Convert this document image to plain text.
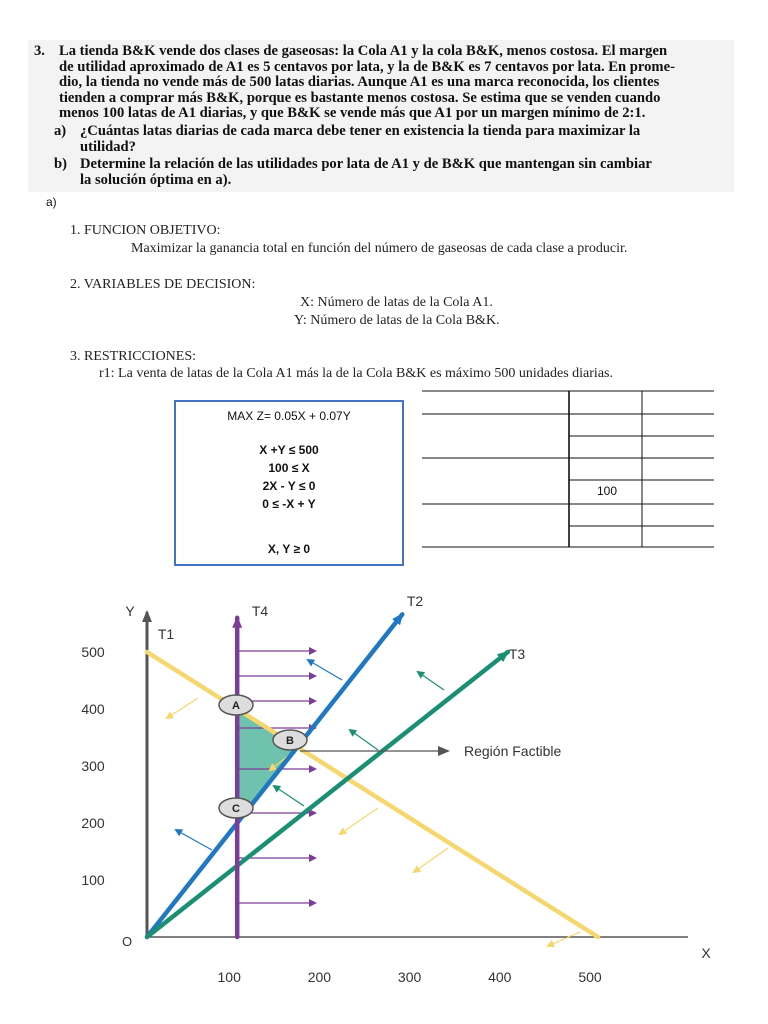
3. La tienda B&K vende dos clases de gaseosas: la Cola A1 y la cola B&K, menos costosa. El margen
de utilidad aproximado de A1 es 5 centavos por lata, y la de B&K es 7 centavos por lata. En prome-
dio, la tienda no vende más de 500 latas diarias. Aunque A1 es una marca reconocida, los clientes
tienden a comprar más B&K, porque es bastante menos costosa. Se estima que se venden cuando
menos 100 latas de A1 diarias, y que B&K se vende más que A1 por un margen mínimo de 2:1.
a) ¿Cuántas latas diarias de cada marca debe tener en existencia la tienda para maximizar la
utilidad?
b) Determine la relación de las utilidades por lata de A1 y de B&K que mantengan sin cambiar
la solución óptima en a).
a)
1. FUNCION OBJETIVO:
Maximizar la ganancia total en función del número de gaseosas de cada clase a producir.
2. VARIABLES DE DECISION:
X: Número de latas de la Cola A1.
Y: Número de latas de la Cola B&K.
3. RESTRICCIONES:
r1: La venta de latas de la Cola A1 más la de la Cola B&K es máximo 500 unidades diarias.
MAX Z= 0.05X + 0.07Y
X +Y ≤ 500
100 ≤ X
2X - Y ≤ 0
0 ≤ -X + Y
X, Y ≥ 0
100
X
Y
O
100	200	300	400	500
100
200
300
400
500
T1
T2
T3
T4
Región Factible
A
B
C
